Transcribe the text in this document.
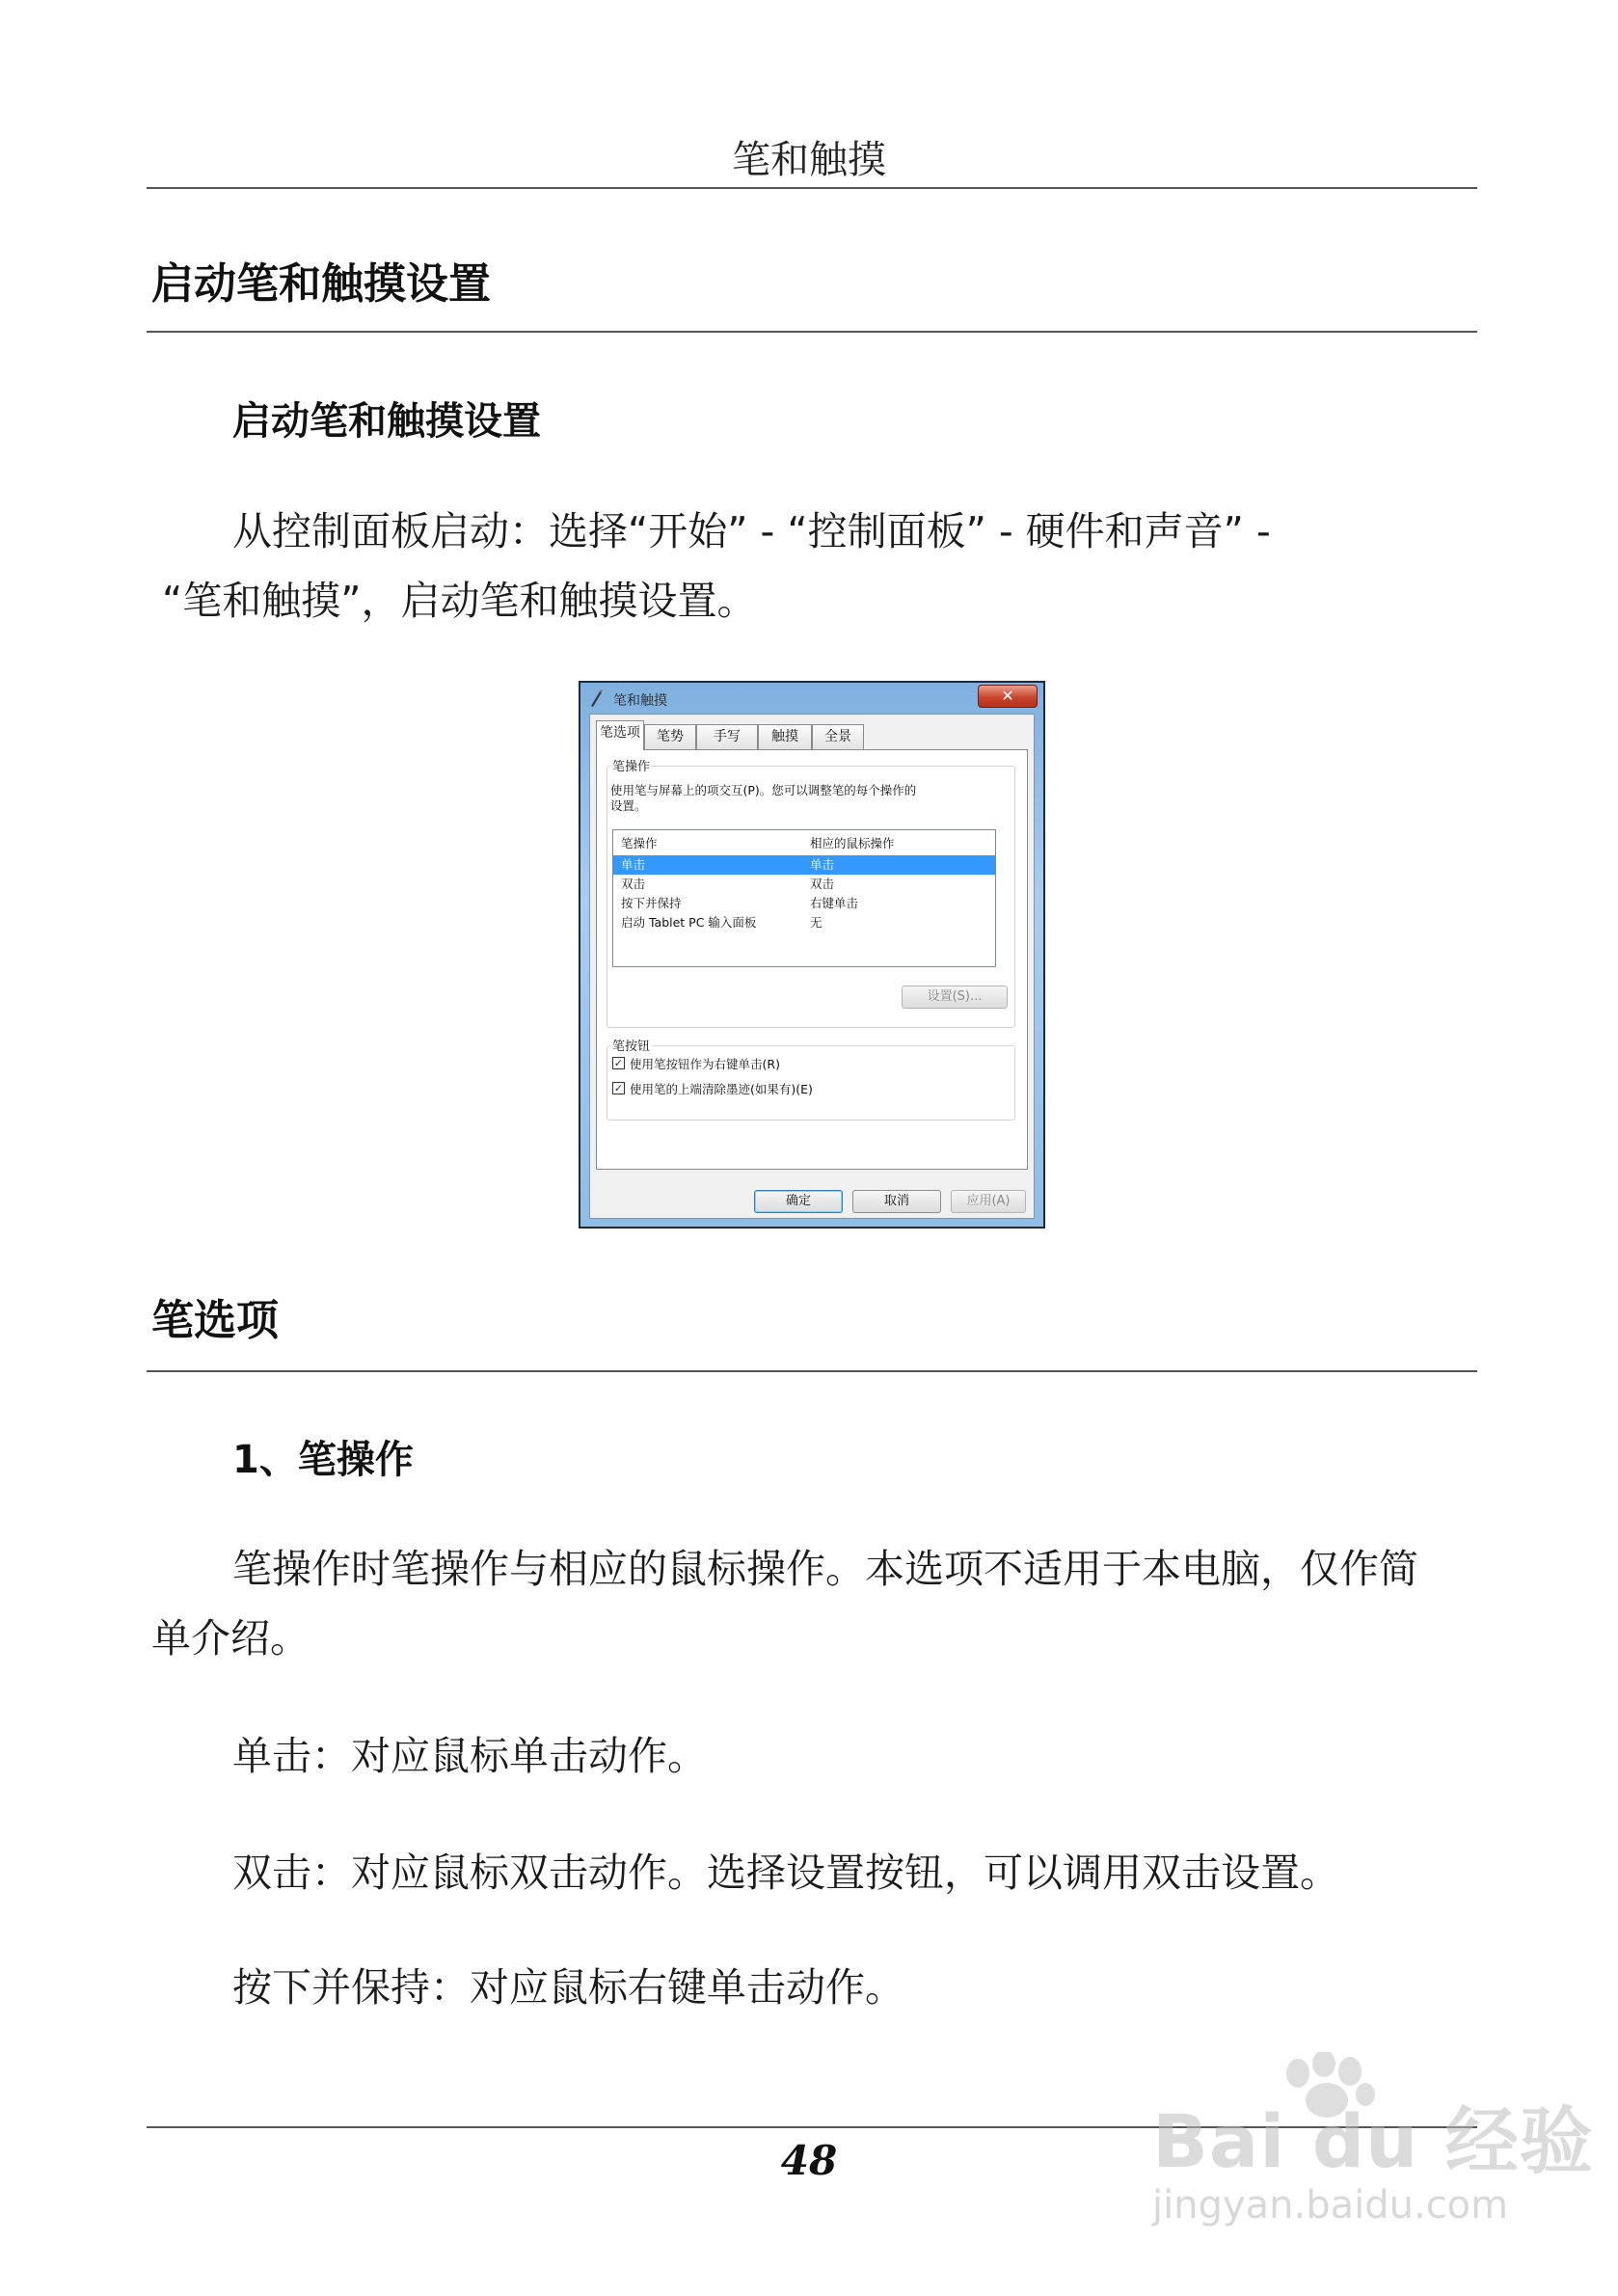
笔和触摸
启动笔和触摸设置
启动笔和触摸设置
从控制面板启动：选择“开始” - “控制面板” - 硬件和声音” -
“笔和触摸”，启动笔和触摸设置。
笔和触摸	✕
笔选项	笔势	手写	触摸	全景
笔操作
使用笔与屏幕上的项交互(P)。您可以调整笔的每个操作的
设置。
笔操作	相应的鼠标操作
单击	单击
双击	双击
按下并保持	右键单击
启动 Tablet PC 输入面板	无
设置(S)...
笔按钮
✓ 使用笔按钮作为右键单击(R)
✓ 使用笔的上端清除墨迹(如果有)(E)
确定	取消	应用(A)
笔选项
1、笔操作
笔操作时笔操作与相应的鼠标操作。本选项不适用于本电脑，仅作简
单介绍。
单击：对应鼠标单击动作。
双击：对应鼠标双击动作。选择设置按钮，可以调用双击设置。
按下并保持：对应鼠标右键单击动作。
48	Bai du 经验
jingyan.baidu.com
